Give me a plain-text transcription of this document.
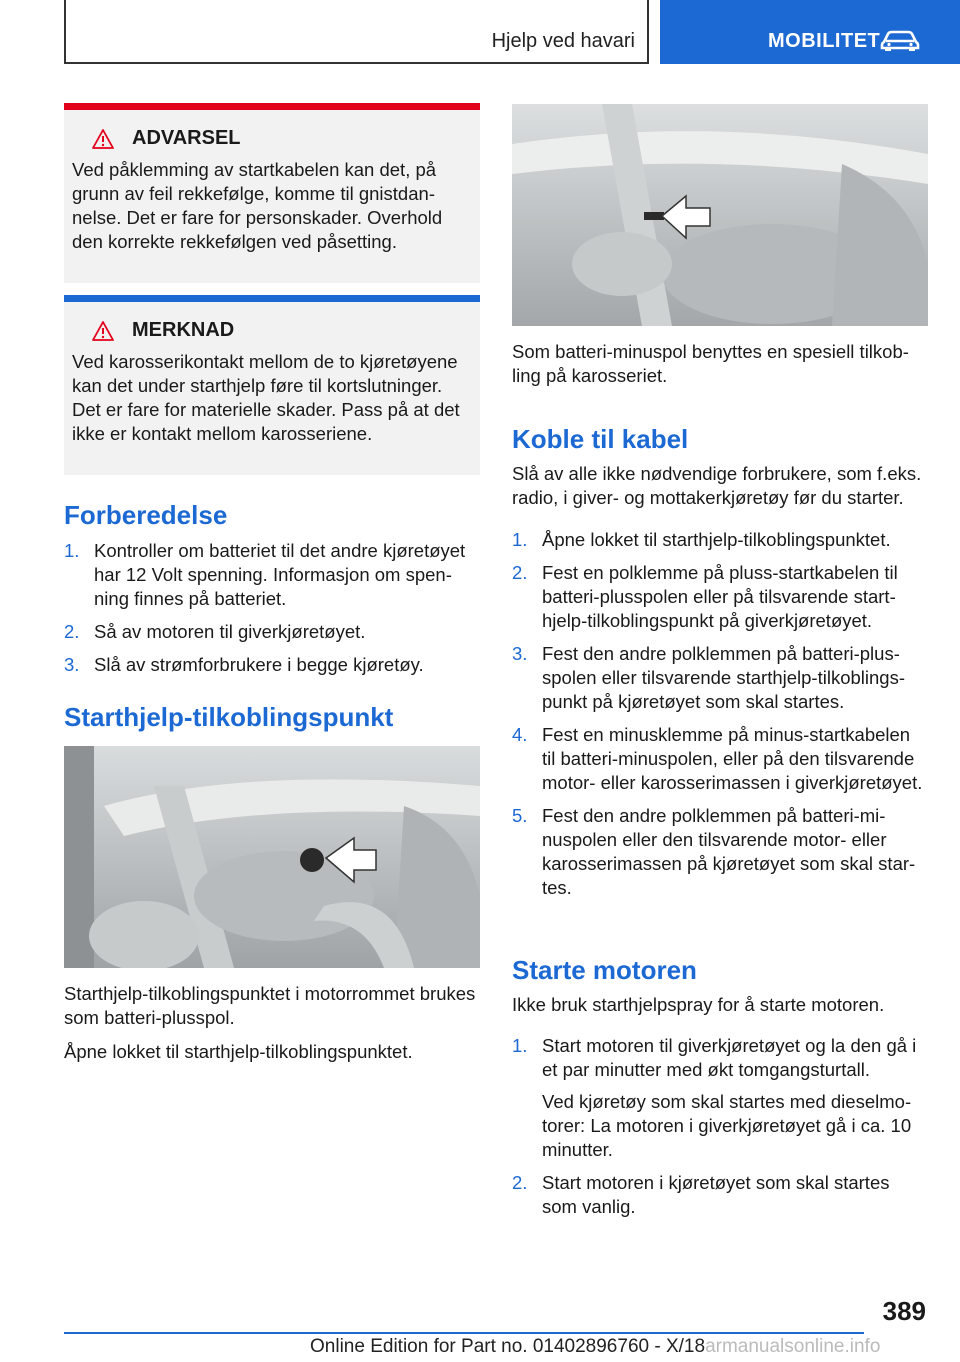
Hjelp ved havari	MOBILITET
ADVARSEL
Ved påklemming av startkabelen kan det, på grunn av feil rekkefølge, komme til gnistdannelse. Det er fare for personskader. Overhold den korrekte rekkefølgen ved påsetting.
MERKNAD
Ved karosserikontakt mellom de to kjøretøyene kan det under starthjelp føre til kortslutninger. Det er fare for materielle skader. Pass på at det ikke er kontakt mellom karosseriene.
Forberedelse
1. Kontroller om batteriet til det andre kjøretøyet har 12 Volt spenning. Informasjon om spenning finnes på batteriet.
2. Så av motoren til giverkjøretøyet.
3. Slå av strømforbrukere i begge kjøretøy.
Starthjelp-tilkoblingspunkt
Starthjelp-tilkoblingspunktet i motorrommet brukes som batteri-plusspol.
Åpne lokket til starthjelp-tilkoblingspunktet.
Som batteri-minuspol benyttes en spesiell tilkobling på karosseriet.
Koble til kabel
Slå av alle ikke nødvendige forbrukere, som f.eks. radio, i giver- og mottakerkjøretøy før du starter.
1. Åpne lokket til starthjelp-tilkoblingspunktet.
2. Fest en polklemme på pluss-startkabelen til batteri-plusspolen eller på tilsvarende starthjelp-tilkoblingspunkt på giverkjøretøyet.
3. Fest den andre polklemmen på batteri-plusspolen eller tilsvarende starthjelp-tilkoblingspunkt på kjøretøyet som skal startes.
4. Fest en minusklemme på minus-startkabelen til batteri-minuspolen, eller på den tilsvarende motor- eller karosserimassen i giverkjøretøyet.
5. Fest den andre polklemmen på batteri-minuspolen eller den tilsvarende motor- eller karosserimassen på kjøretøyet som skal startes.
Starte motoren
Ikke bruk starthjelpspray for å starte motoren.
1. Start motoren til giverkjøretøyet og la den gå i et par minutter med økt tomgangsturtall.
Ved kjøretøy som skal startes med dieselmotorer: La motoren i giverkjøretøyet gå i ca. 10 minutter.
2. Start motoren i kjøretøyet som skal startes som vanlig.
389
Online Edition for Part no. 01402896760 - X/18armanualsonline.info
